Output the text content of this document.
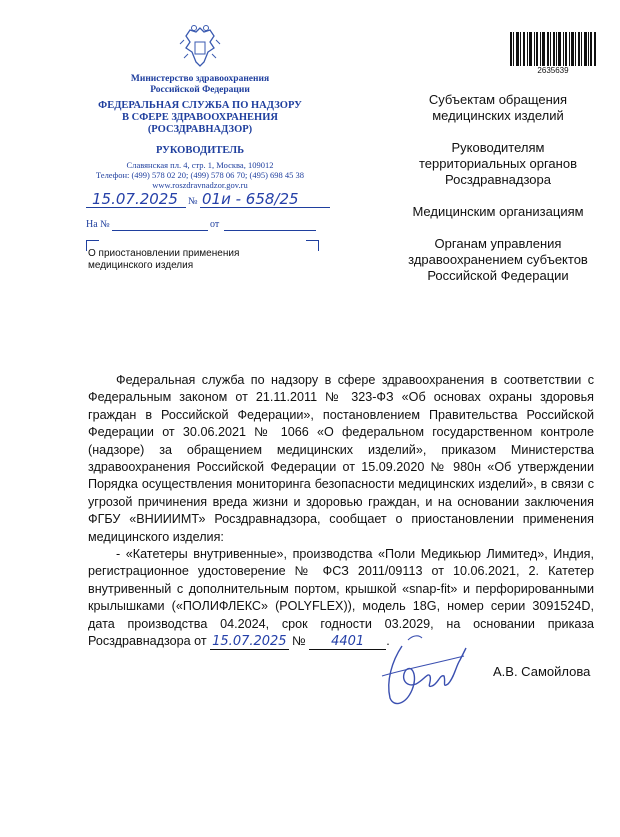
2635639
Министерство здравоохранения
Российской Федерации
ФЕДЕРАЛЬНАЯ СЛУЖБА ПО НАДЗОРУ
В СФЕРЕ ЗДРАВООХРАНЕНИЯ
(РОСЗДРАВНАДЗОР)
РУКОВОДИТЕЛЬ
Славянская пл. 4, стр. 1, Москва, 109012
Телефон: (499) 578 02 20; (499) 578 06 70; (495) 698 45 38
www.roszdravnadzor.gov.ru
15.07.2025 № 01и - 658/25
На №	от
О приостановлении применения медицинского изделия

Субъектам обращения медицинских изделий

Руководителям территориальных органов Росздравнадзора

Медицинским организациям

Органам управления здравоохранением субъектов Российской Федерации

Федеральная служба по надзору в сфере здравоохранения в соответствии с Федеральным законом от 21.11.2011 № 323-ФЗ «Об основах охраны здоровья граждан в Российской Федерации», постановлением Правительства Российской Федерации от 30.06.2021 № 1066 «О федеральном государственном контроле (надзоре) за обращением медицинских изделий», приказом Министерства здравоохранения Российской Федерации от 15.09.2020 № 980н «Об утверждении Порядка осуществления мониторинга безопасности медицинских изделий», в связи с угрозой причинения вреда жизни и здоровью граждан, и на основании заключения ФГБУ «ВНИИИМТ» Росздравнадзора, сообщает о приостановлении применения медицинского изделия:

- «Катетеры внутривенные», производства «Поли Медикьюр Лимитед», Индия, регистрационное удостоверение № ФСЗ 2011/09113 от 10.06.2021, 2. Катетер внутривенный с дополнительным портом, крышкой «snap-fit» и перфорированными крылышками («ПОЛИФЛЕКС» (POLYFLEX)), модель 18G, номер серии 3091524D, дата производства 04.2024, срок годности 03.2029, на основании приказа Росздравнадзора от 15.07.2025 № 4401 .

А.В. Самойлова
